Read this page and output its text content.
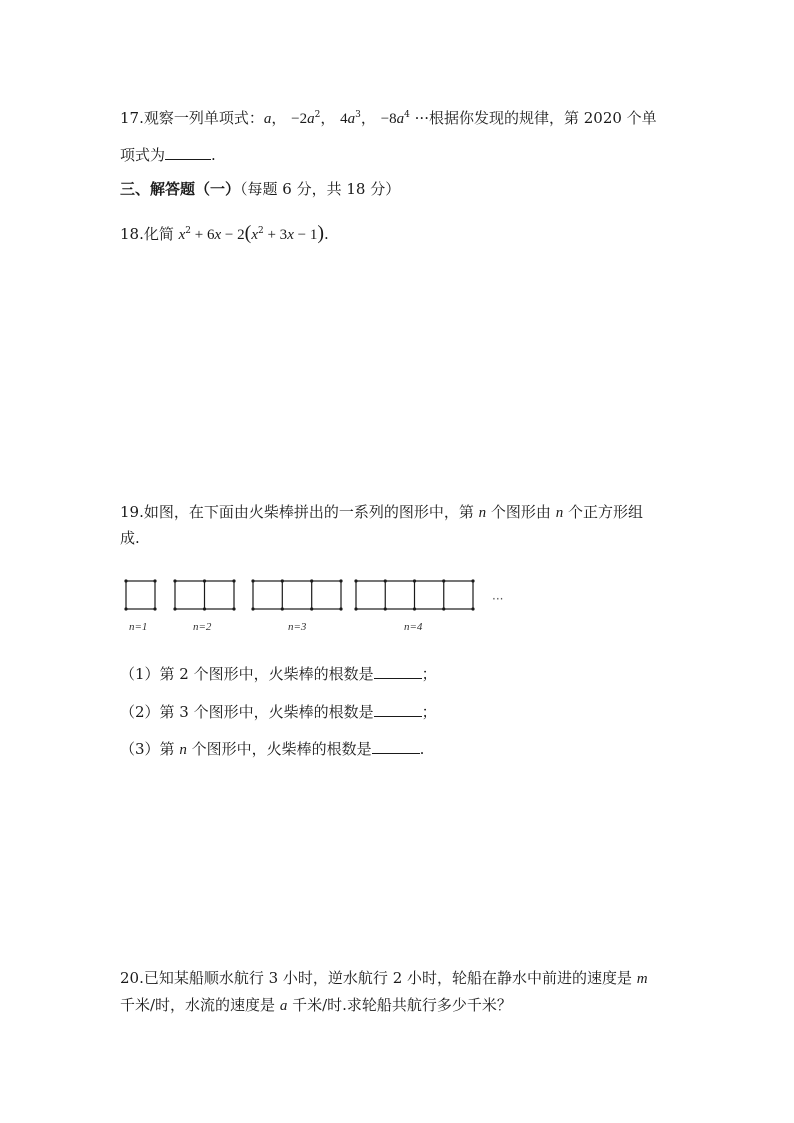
17.观察一列单项式：a， $-2a^2$， $4a^3$， $-8a^4$ ···根据你发现的规律，第 2020 个单
项式为	.
三、解答题（一）（每题 6 分，共 18 分）
18.化简 $x^2 + 6x - 2(x^2 + 3x - 1)$.
19.如图，在下面由火柴棒拼出的一系列的图形中，第 n 个图形由 n 个正方形组
成.
n=1	n=2	n=3	n=4
···
（1）第 2 个图形中，火柴棒的根数是	；
（2）第 3 个图形中，火柴棒的根数是	；
（3）第 n 个图形中，火柴棒的根数是	.
20.已知某船顺水航行 3 小时，逆水航行 2 小时，轮船在静水中前进的速度是 m
千米/时，水流的速度是 a 千米/时.求轮船共航行多少千米？
